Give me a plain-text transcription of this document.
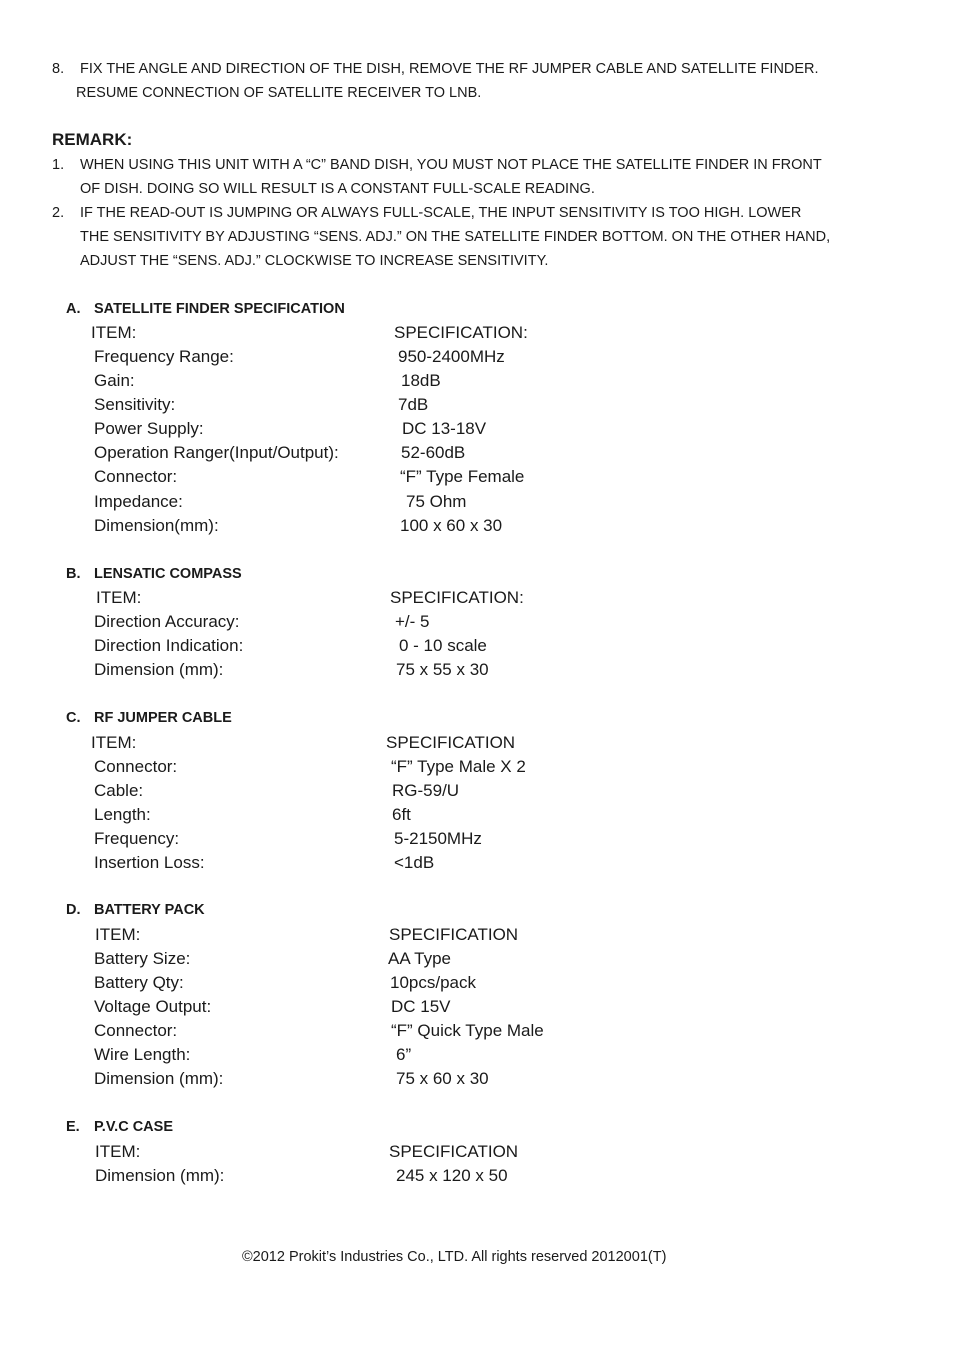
8. FIX THE ANGLE AND DIRECTION OF THE DISH, REMOVE THE RF JUMPER CABLE AND SATELLITE FINDER.
RESUME CONNECTION OF SATELLITE RECEIVER TO LNB.
REMARK:
1. WHEN USING THIS UNIT WITH A “C” BAND DISH, YOU MUST NOT PLACE THE SATELLITE FINDER IN FRONT
OF DISH. DOING SO WILL RESULT IS A CONSTANT FULL-SCALE READING.
2. IF THE READ-OUT IS JUMPING OR ALWAYS FULL-SCALE, THE INPUT SENSITIVITY IS TOO HIGH. LOWER
THE SENSITIVITY BY ADJUSTING “SENS. ADJ.” ON THE SATELLITE FINDER BOTTOM. ON THE OTHER HAND,
ADJUST THE “SENS. ADJ.” CLOCKWISE TO INCREASE SENSITIVITY.
A. SATELLITE FINDER SPECIFICATION
ITEM:	SPECIFICATION:
Frequency Range:	950-2400MHz
Gain:	18dB
Sensitivity:	7dB
Power Supply:	DC 13-18V
Operation Ranger(Input/Output):	52-60dB
Connector:	“F” Type Female
Impedance:	75 Ohm
Dimension(mm):	100 x 60 x 30
B. LENSATIC COMPASS
ITEM:	SPECIFICATION:
Direction Accuracy:	+/- 5
Direction Indication:	0 - 10 scale
Dimension (mm):	75 x 55 x 30
C. RF JUMPER CABLE
ITEM:	SPECIFICATION
Connector:	“F” Type Male X 2
Cable:	RG-59/U
Length:	6ft
Frequency:	5-2150MHz
Insertion Loss:	<1dB
D. BATTERY PACK
ITEM:	SPECIFICATION
Battery Size:	AA Type
Battery Qty:	10pcs/pack
Voltage Output:	DC 15V
Connector:	“F” Quick Type Male
Wire Length:	6”
Dimension (mm):	75 x 60 x 30
E. P.V.C CASE
ITEM:	SPECIFICATION
Dimension (mm):	245 x 120 x 50
©2012 Prokit’s Industries Co., LTD. All rights reserved 2012001(T)
